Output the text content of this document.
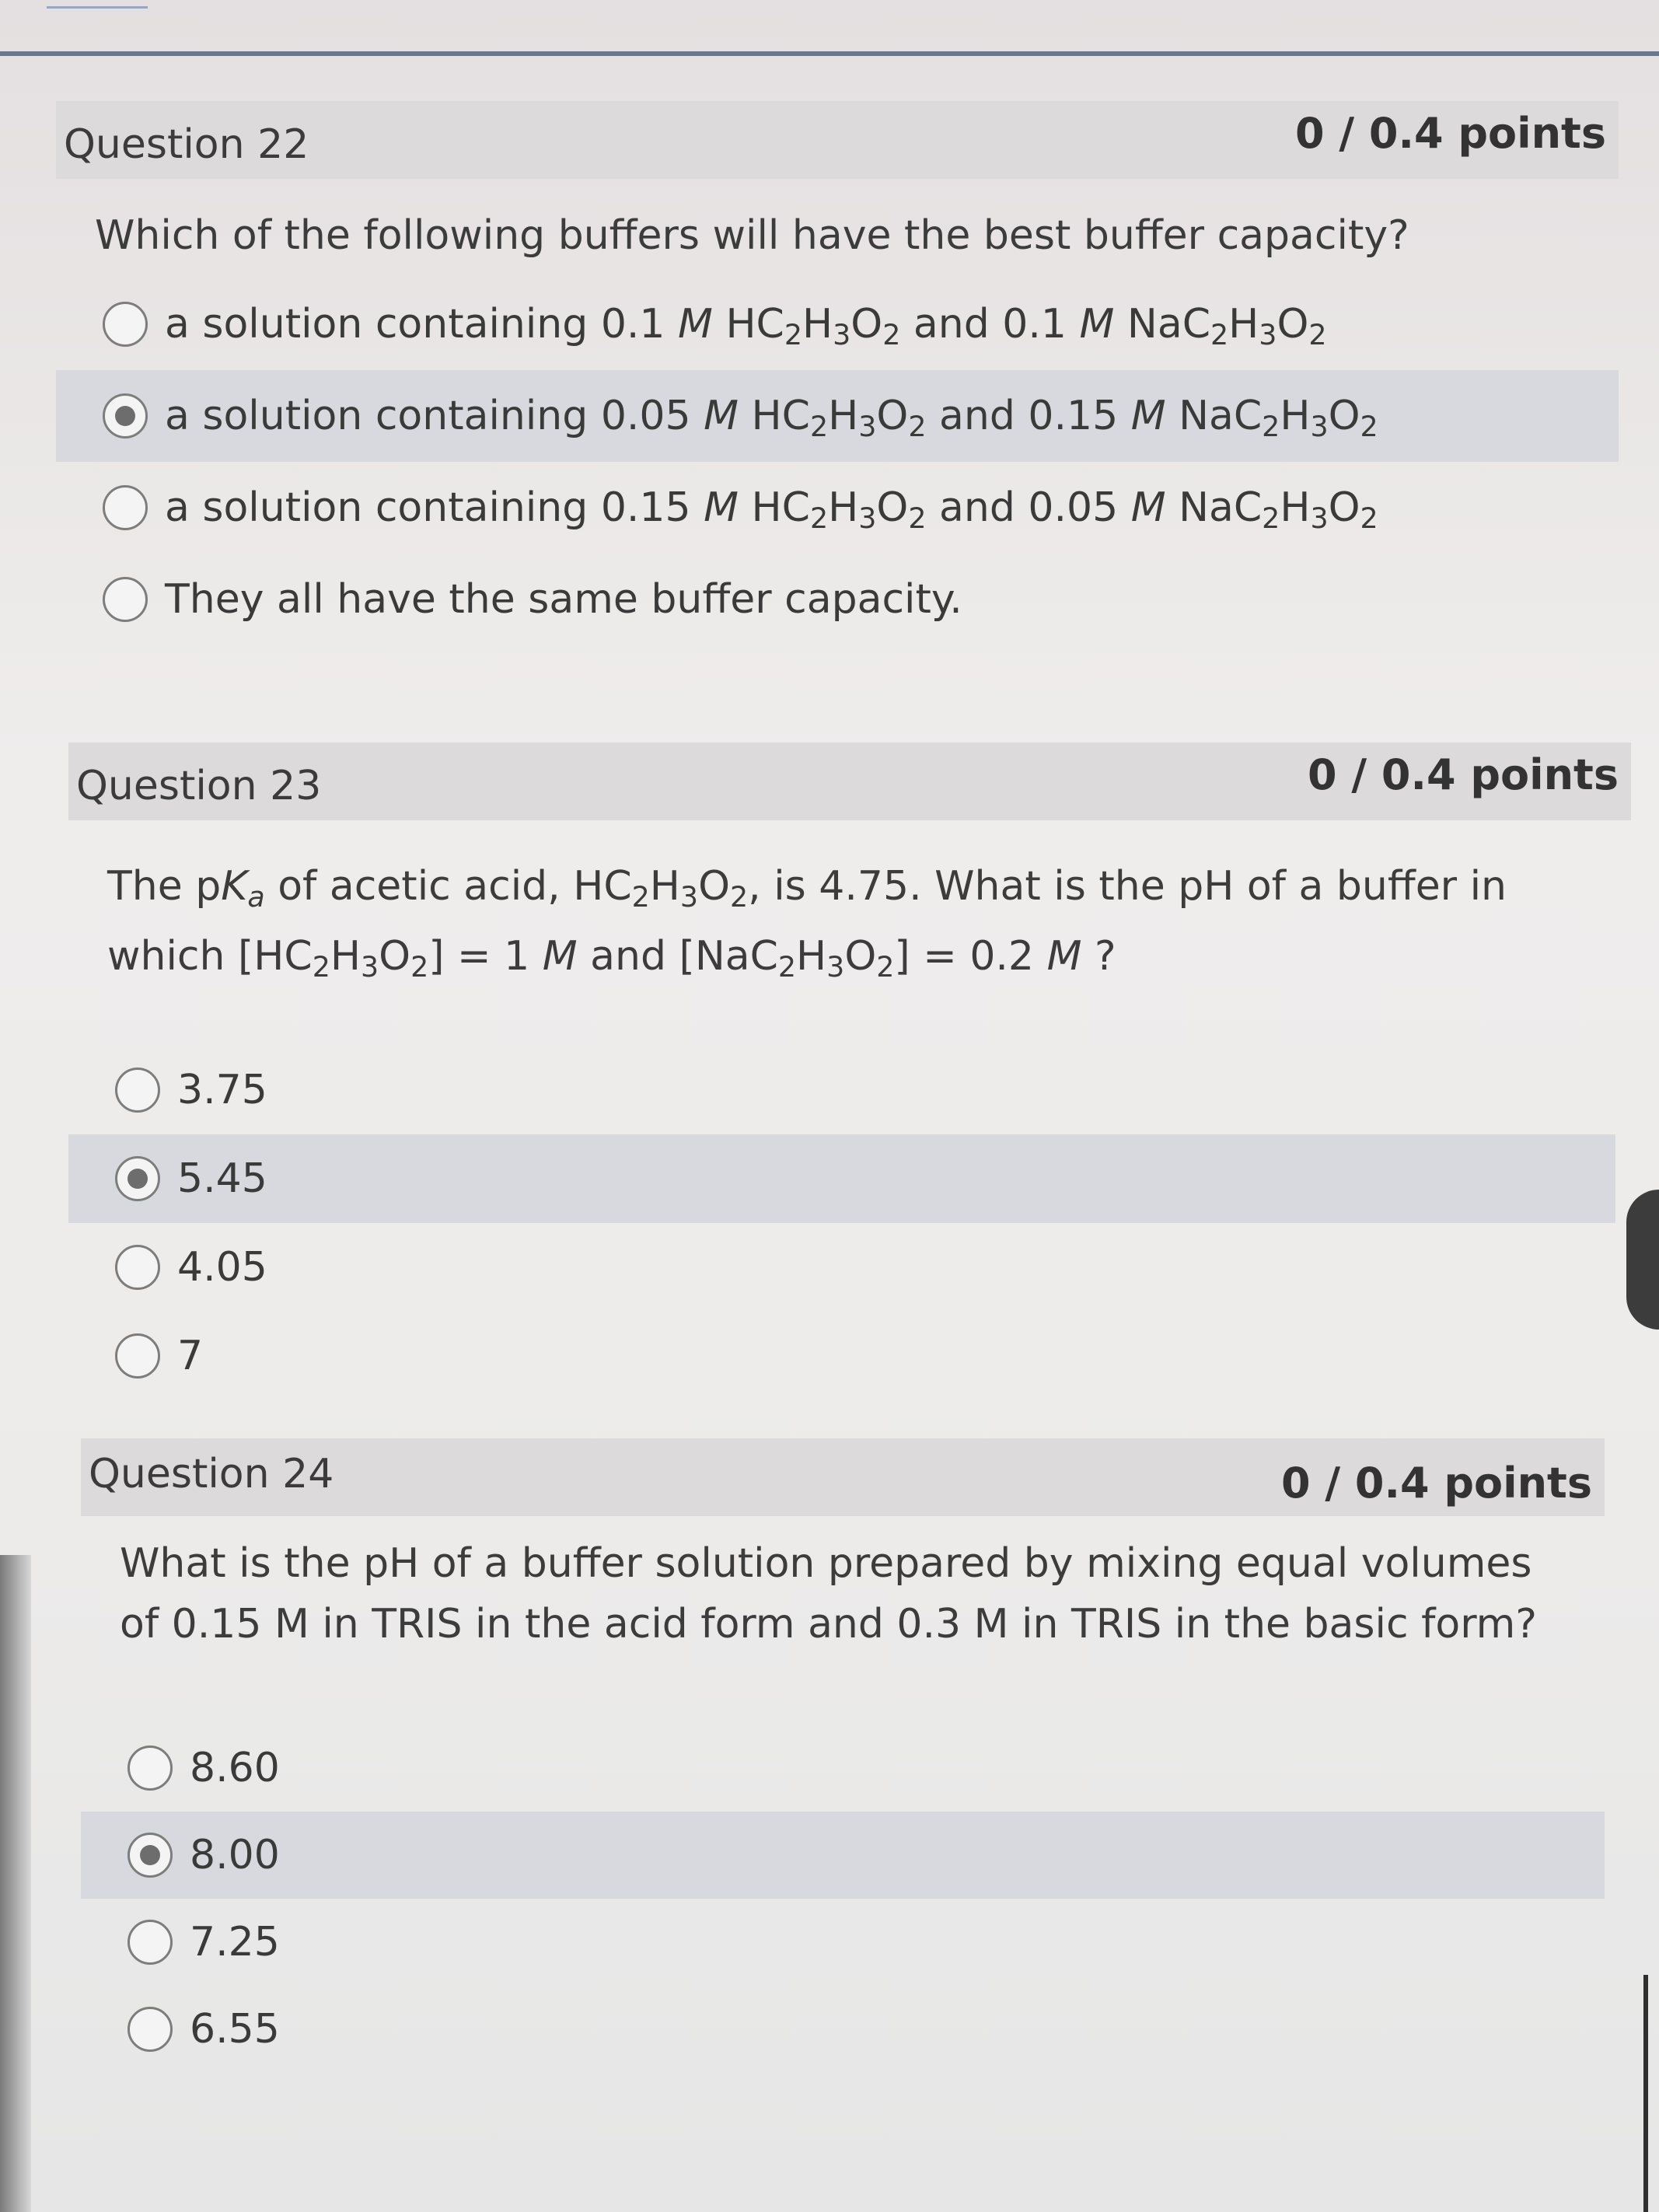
Question 22	0 / 0.4 points
Which of the following buffers will have the best buffer capacity?
a solution containing 0.1 M $HC_2H_3O_2$ and 0.1 M $NaC_2H_3O_2$
a solution containing 0.05 M $HC_2H_3O_2$ and 0.15 M $NaC_2H_3O_2$
a solution containing 0.15 M $HC_2H_3O_2$ and 0.05 M $NaC_2H_3O_2$
They all have the same buffer capacity.
Question 23	0 / 0.4 points
The $pK_a$ of acetic acid, $HC_2H_3O_2$, is 4.75. What is the pH of a buffer in
which $[HC_2H_3O_2] = 1$ M and $[NaC_2H_3O_2] = 0.2$ M ?
3.75
5.45
4.05
7
Question 24	0 / 0.4 points
What is the pH of a buffer solution prepared by mixing equal volumes of 0.15 M in TRIS in the acid form and 0.3 M in TRIS in the basic form?
8.60
8.00
7.25
6.55
